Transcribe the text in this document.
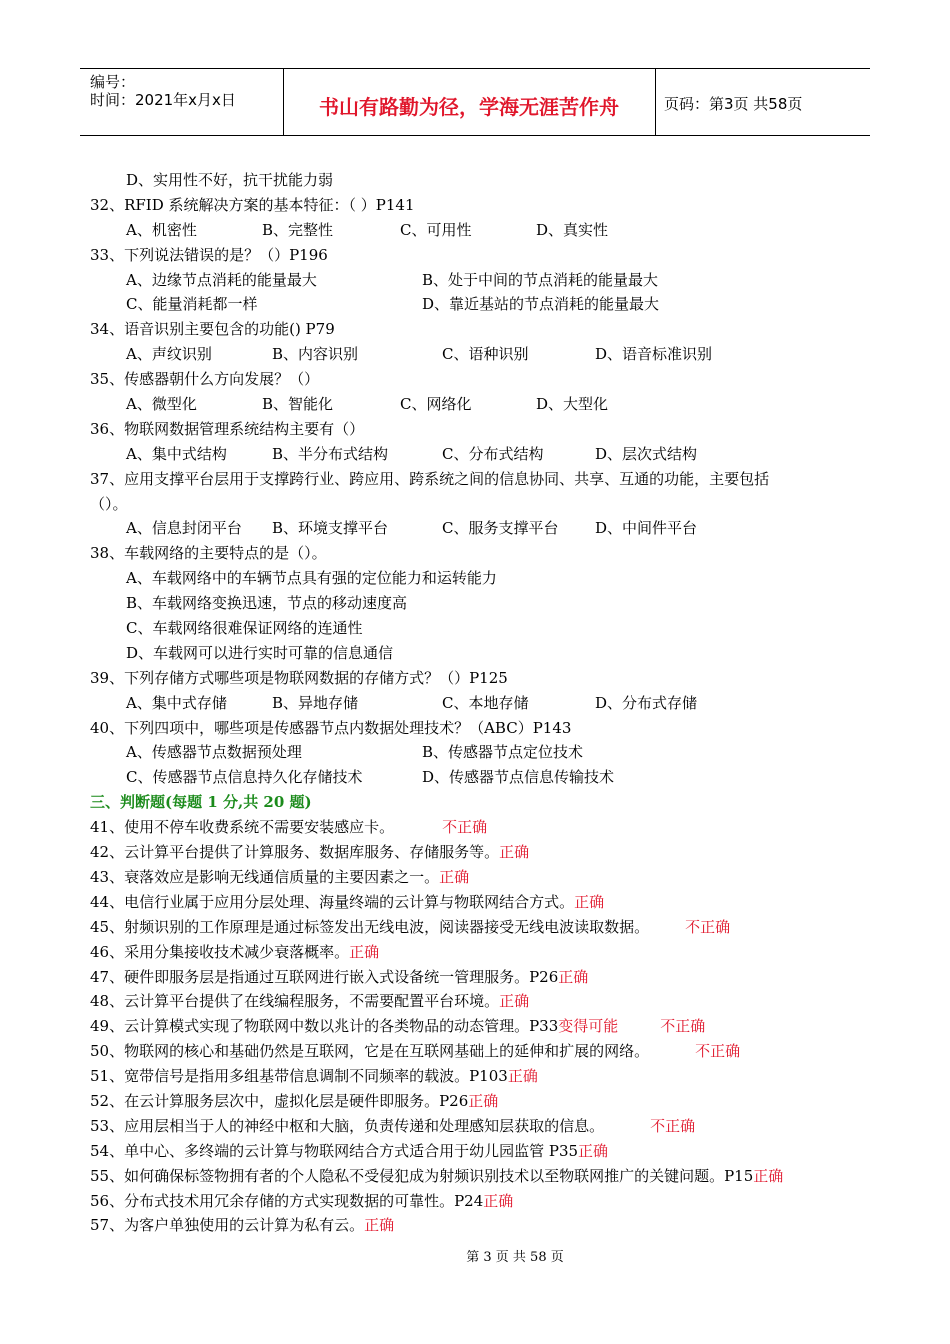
编号：
时间：2021年x月x日	书山有路勤为径，学海无涯苦作舟	页码：第3页 共58页
D、实用性不好，抗干扰能力弱
32、RFID 系统解决方案的基本特征：（ ）P141
A、机密性	B、完整性	C、可用性	D、真实性
33、下列说法错误的是？（）P196
A、边缘节点消耗的能量最大	B、处于中间的节点消耗的能量最大
C、能量消耗都一样	D、靠近基站的节点消耗的能量最大
34、语音识别主要包含的功能() P79
A、声纹识别	B、内容识别	C、语种识别	D、语音标准识别
35、传感器朝什么方向发展？（）
A、微型化	B、智能化	C、网络化	D、大型化
36、物联网数据管理系统结构主要有（）
A、集中式结构	B、半分布式结构	C、分布式结构	D、层次式结构
37、应用支撑平台层用于支撑跨行业、跨应用、跨系统之间的信息协同、共享、互通的功能，主要包括
（）。
A、信息封闭平台 B、环境支撑平台	C、服务支撑平台 D、中间件平台
38、车载网络的主要特点的是（）。
A、车载网络中的车辆节点具有强的定位能力和运转能力
B、车载网络变换迅速，节点的移动速度高
C、车载网络很难保证网络的连通性
D、车载网可以进行实时可靠的信息通信
39、下列存储方式哪些项是物联网数据的存储方式？（）P125
A、集中式存储	B、异地存储	C、本地存储	D、分布式存储
40、下列四项中，哪些项是传感器节点内数据处理技术？（ABC）P143
A、传感器节点数据预处理	B、传感器节点定位技术
C、传感器节点信息持久化存储技术	D、传感器节点信息传输技术
三、判断题(每题 1 分,共 20 题)
41、使用不停车收费系统不需要安装感应卡。	不正确
42、云计算平台提供了计算服务、数据库服务、存储服务等。正确
43、衰落效应是影响无线通信质量的主要因素之一。正确
44、电信行业属于应用分层处理、海量终端的云计算与物联网结合方式。正确
45、射频识别的工作原理是通过标签发出无线电波，阅读器接受无线电波读取数据。 不正确
46、采用分集接收技术减少衰落概率。正确
47、硬件即服务层是指通过互联网进行嵌入式设备统一管理服务。P26正确
48、云计算平台提供了在线编程服务，不需要配置平台环境。正确
49、云计算模式实现了物联网中数以兆计的各类物品的动态管理。P33变得可能	不正确
50、物联网的核心和基础仍然是互联网，它是在互联网基础上的延伸和扩展的网络。	不正确
51、宽带信号是指用多组基带信息调制不同频率的载波。P103正确
52、在云计算服务层次中，虚拟化层是硬件即服务。P26正确
53、应用层相当于人的神经中枢和大脑，负责传递和处理感知层获取的信息。	不正确
54、单中心、多终端的云计算与物联网结合方式适合用于幼儿园监管 P35正确
55、如何确保标签物拥有者的个人隐私不受侵犯成为射频识别技术以至物联网推广的关键问题。P15正确
56、分布式技术用冗余存储的方式实现数据的可靠性。P24正确
57、为客户单独使用的云计算为私有云。正确
第 3 页 共 58 页
